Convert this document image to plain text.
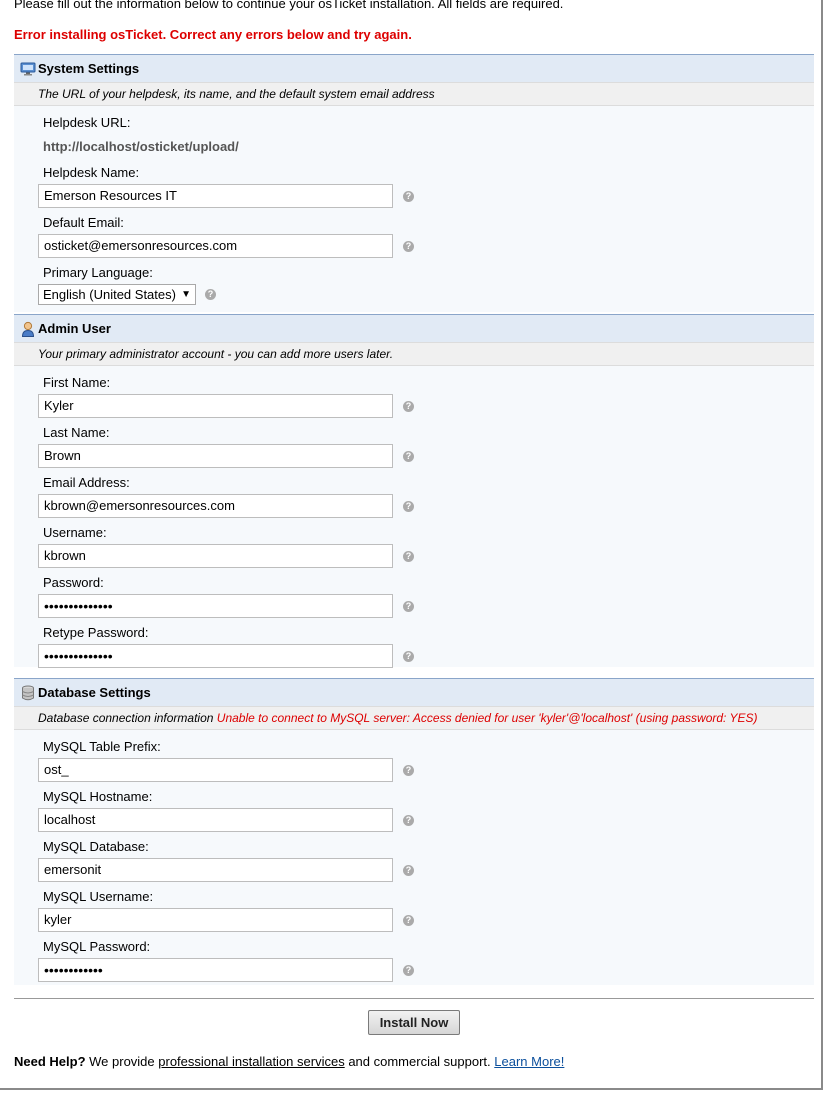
Please fill out the information below to continue your osTicket installation. All fields are required.
Error installing osTicket. Correct any errors below and try again.
System Settings
The URL of your helpdesk, its name, and the default system email address
Helpdesk URL:
http://localhost/osticket/upload/
Helpdesk Name:
Emerson Resources IT	?
Default Email:
osticket@emersonresources.com	?
Primary Language:
English (United States) ▼	?
Admin User
Your primary administrator account - you can add more users later.
First Name:
Kyler	?
Last Name:
Brown	?
Email Address:
kbrown@emersonresources.com	?
Username:
kbrown	?
Password:
••••••••••••••	?
Retype Password:
••••••••••••••	?
Database Settings
Database connection information Unable to connect to MySQL server: Access denied for user 'kyler'@'localhost' (using password: YES)
MySQL Table Prefix:
ost_	?
MySQL Hostname:
localhost	?
MySQL Database:
emersonit	?
MySQL Username:
kyler	?
MySQL Password:
••••••••••••	?
Install Now
Need Help? We provide professional installation services and commercial support. Learn More!
